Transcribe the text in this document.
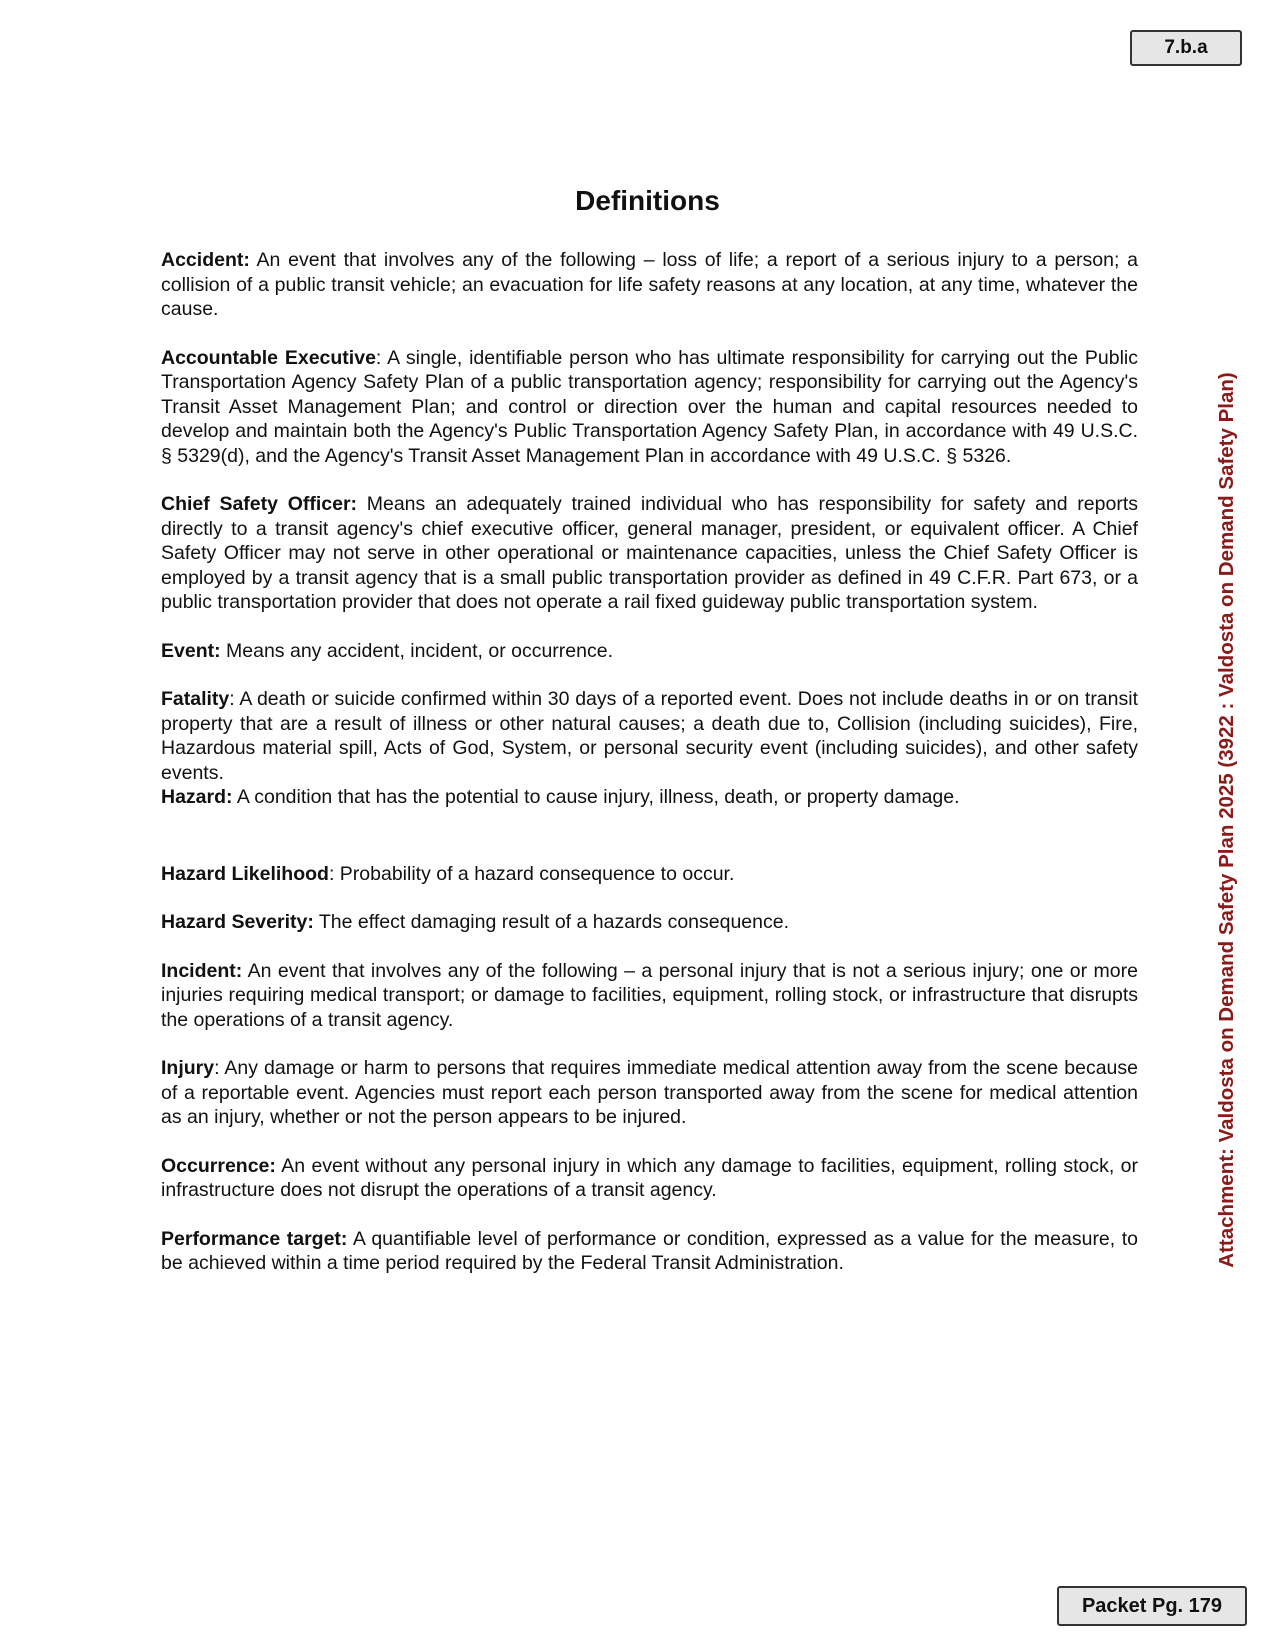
7.b.a
Definitions

Accident: An event that involves any of the following – loss of life; a report of a serious injury to a person; a collision of a public transit vehicle; an evacuation for life safety reasons at any location, at any time, whatever the cause.

Accountable Executive: A single, identifiable person who has ultimate responsibility for carrying out the Public Transportation Agency Safety Plan of a public transportation agency; responsibility for carrying out the Agency's Transit Asset Management Plan; and control or direction over the human and capital resources needed to develop and maintain both the Agency's Public Transportation Agency Safety Plan, in accordance with 49 U.S.C. § 5329(d), and the Agency's Transit Asset Management Plan in accordance with 49 U.S.C. § 5326.

Chief Safety Officer: Means an adequately trained individual who has responsibility for safety and reports directly to a transit agency's chief executive officer, general manager, president, or equivalent officer. A Chief Safety Officer may not serve in other operational or maintenance capacities, unless the Chief Safety Officer is employed by a transit agency that is a small public transportation provider as defined in 49 C.F.R. Part 673, or a public transportation provider that does not operate a rail fixed guideway public transportation system.

Event: Means any accident, incident, or occurrence.

Fatality: A death or suicide confirmed within 30 days of a reported event. Does not include deaths in or on transit property that are a result of illness or other natural causes; a death due to, Collision (including suicides), Fire, Hazardous material spill, Acts of God, System, or personal security event (including suicides), and other safety events.

Hazard: A condition that has the potential to cause injury, illness, death, or property damage.

Hazard Likelihood: Probability of a hazard consequence to occur.

Hazard Severity: The effect damaging result of a hazards consequence.

Incident: An event that involves any of the following – a personal injury that is not a serious injury; one or more injuries requiring medical transport; or damage to facilities, equipment, rolling stock, or infrastructure that disrupts the operations of a transit agency.

Injury: Any damage or harm to persons that requires immediate medical attention away from the scene because of a reportable event. Agencies must report each person transported away from the scene for medical attention as an injury, whether or not the person appears to be injured.

Occurrence: An event without any personal injury in which any damage to facilities, equipment, rolling stock, or infrastructure does not disrupt the operations of a transit agency.

Performance target: A quantifiable level of performance or condition, expressed as a value for the measure, to be achieved within a time period required by the Federal Transit Administration.	Attachment: Valdosta on Demand Safety Plan 2025 (3922 : Valdosta on Demand Safety Plan)
Packet Pg. 179
